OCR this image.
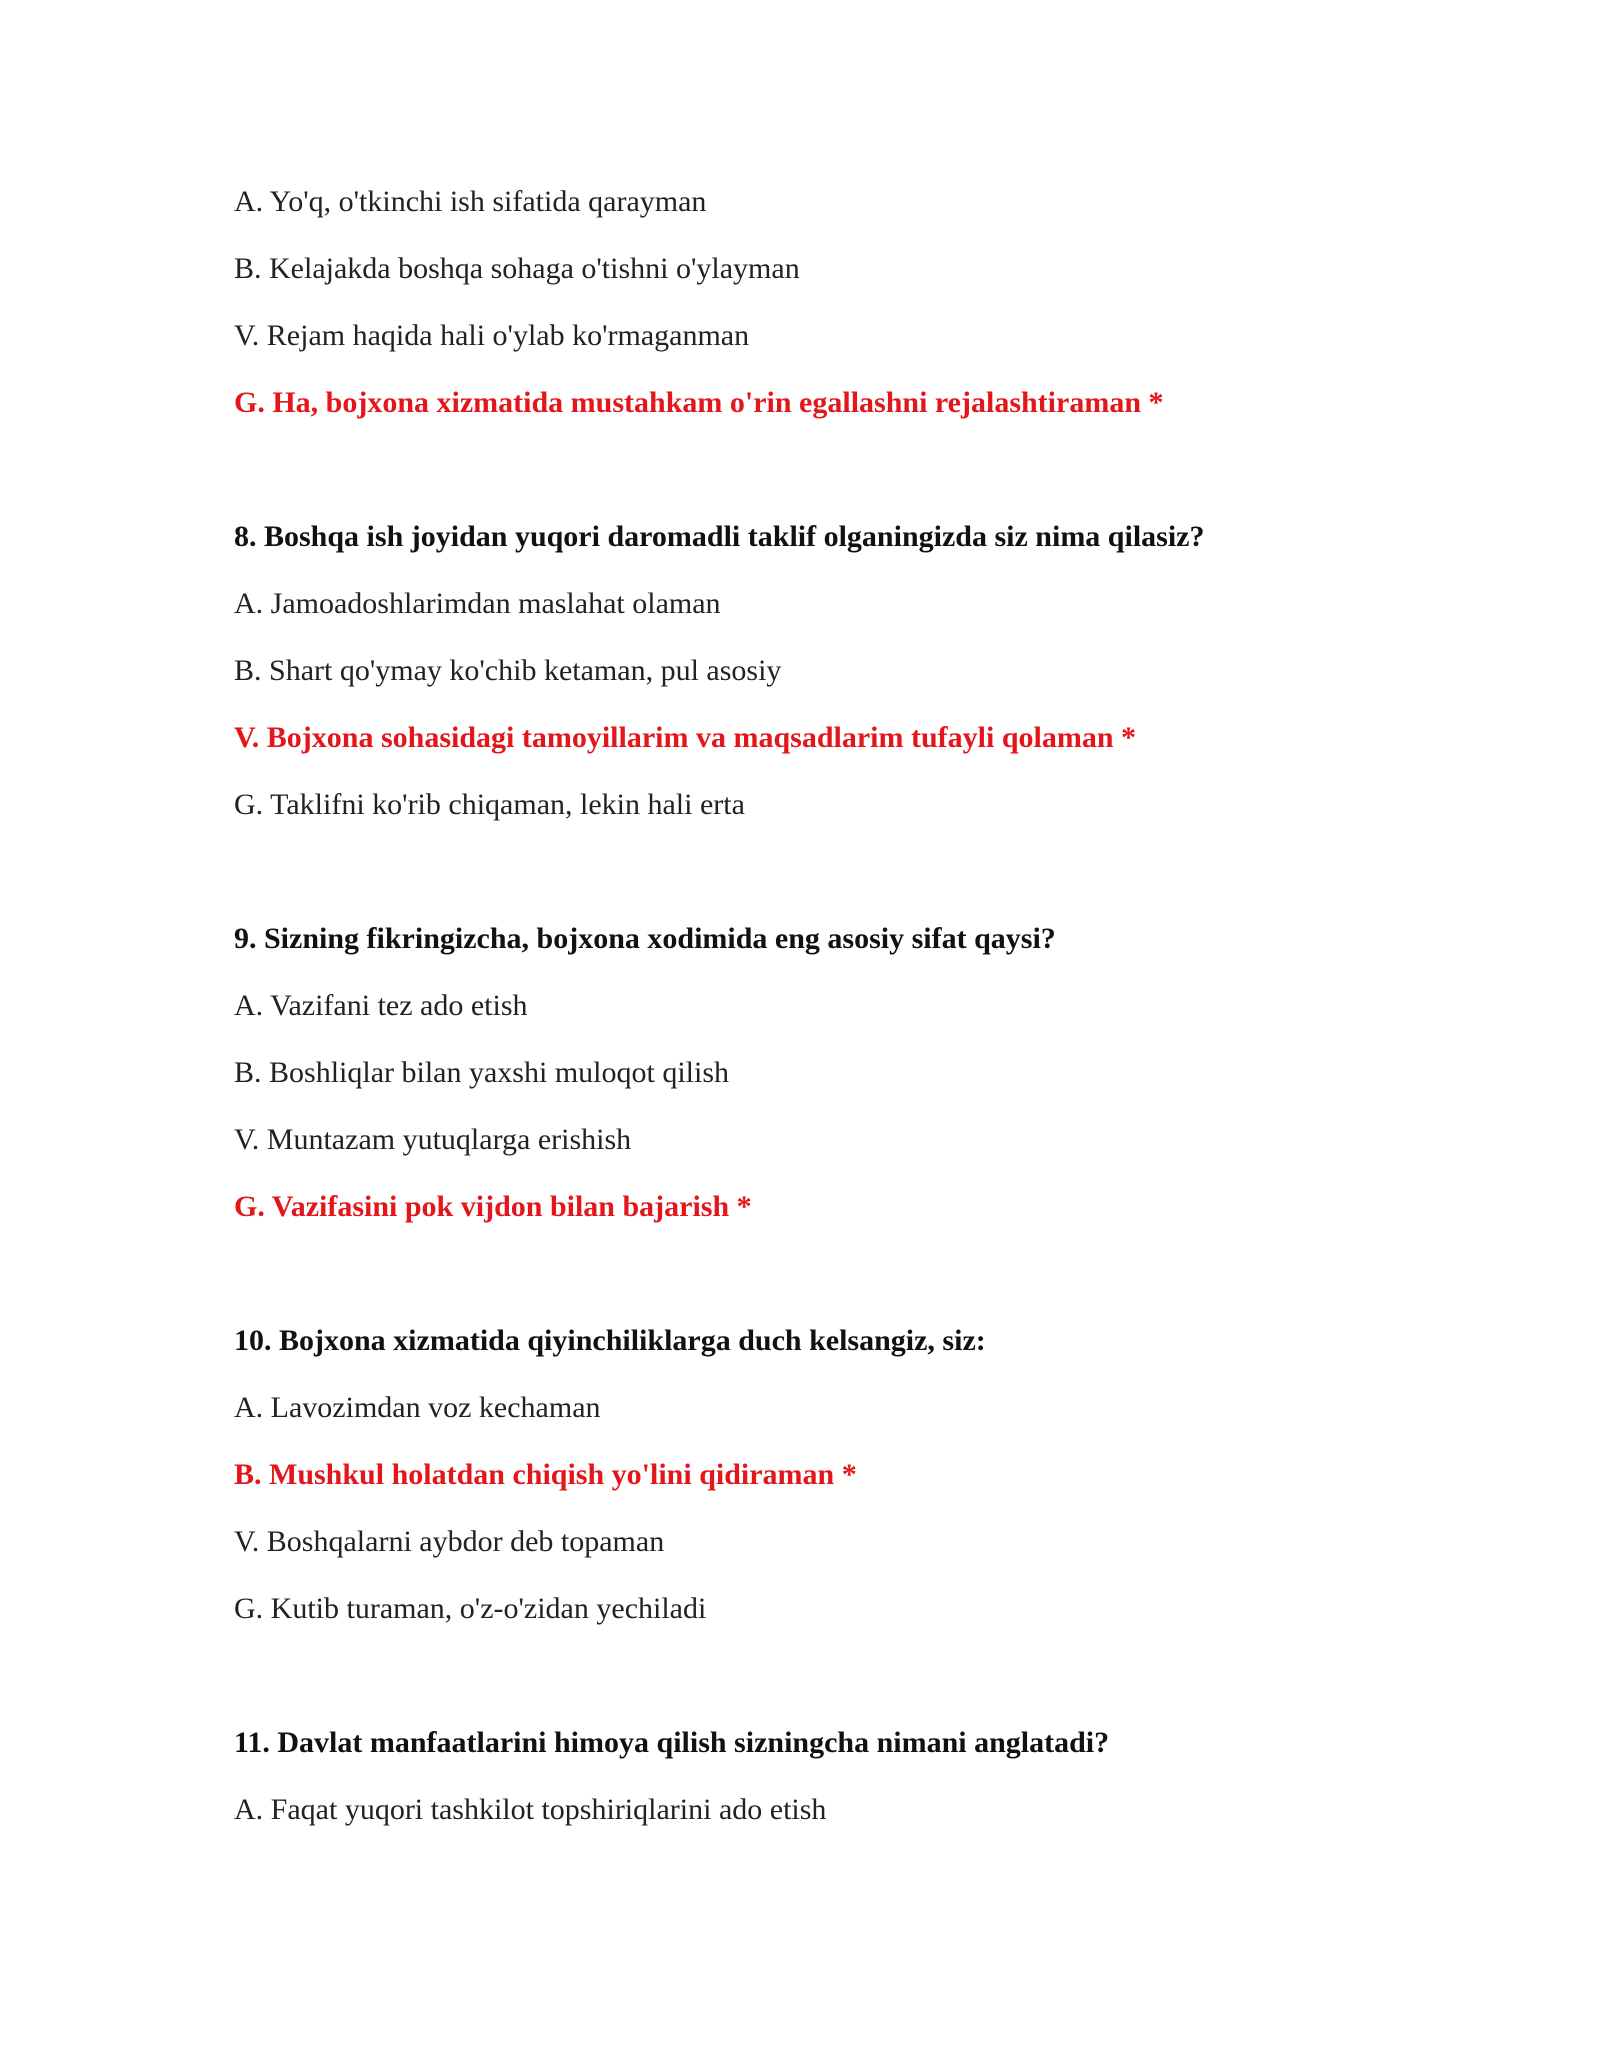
A. Yo'q, o'tkinchi ish sifatida qarayman
B. Kelajakda boshqa sohaga o'tishni o'ylayman
V. Rejam haqida hali o'ylab ko'rmaganman
G. Ha, bojxona xizmatida mustahkam o'rin egallashni rejalashtiraman *
8. Boshqa ish joyidan yuqori daromadli taklif olganingizda siz nima qilasiz?
A. Jamoadoshlarimdan maslahat olaman
B. Shart qo'ymay ko'chib ketaman, pul asosiy
V. Bojxona sohasidagi tamoyillarim va maqsadlarim tufayli qolaman *
G. Taklifni ko'rib chiqaman, lekin hali erta
9. Sizning fikringizcha, bojxona xodimida eng asosiy sifat qaysi?
A. Vazifani tez ado etish
B. Boshliqlar bilan yaxshi muloqot qilish
V. Muntazam yutuqlarga erishish
G. Vazifasini pok vijdon bilan bajarish *
10. Bojxona xizmatida qiyinchiliklarga duch kelsangiz, siz:
A. Lavozimdan voz kechaman
B. Mushkul holatdan chiqish yo'lini qidiraman *
V. Boshqalarni aybdor deb topaman
G. Kutib turaman, o'z-o'zidan yechiladi
11. Davlat manfaatlarini himoya qilish sizningcha nimani anglatadi?
A. Faqat yuqori tashkilot topshiriqlarini ado etish
